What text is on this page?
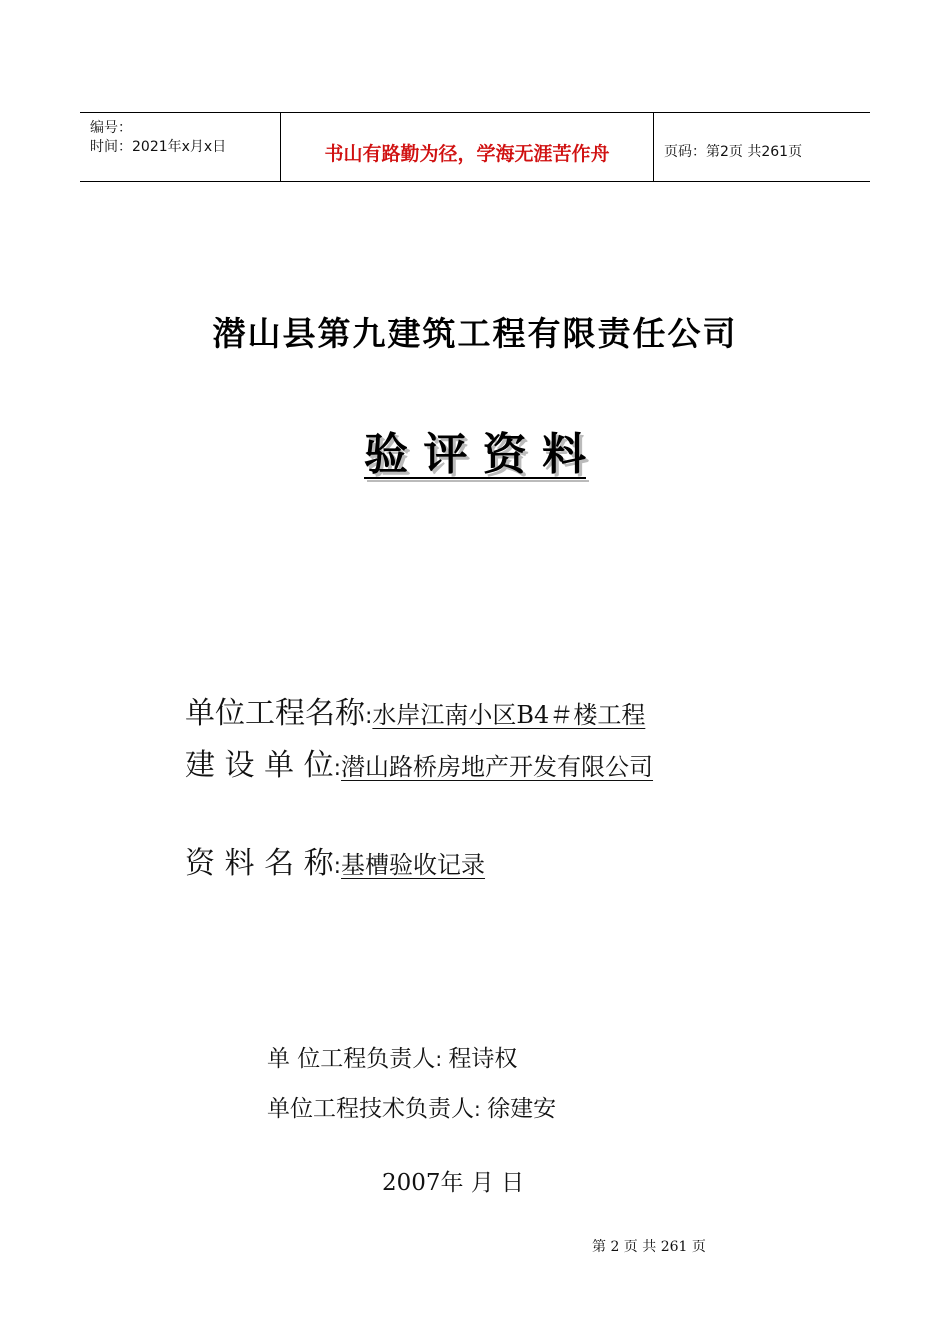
编号：
时间：2021年x月x日	书山有路勤为径，学海无涯苦作舟	页码：第2页 共261页
潜山县第九建筑工程有限责任公司
验 评 资 料
单位工程名称:水岸江南小区B4＃楼工程
建 设 单 位:潜山路桥房地产开发有限公司
资 料 名 称:基槽验收记录
单 位工程负责人: 程诗权
单位工程技术负责人: 徐建安
2007年 月 日
第 2 页 共 261 页
